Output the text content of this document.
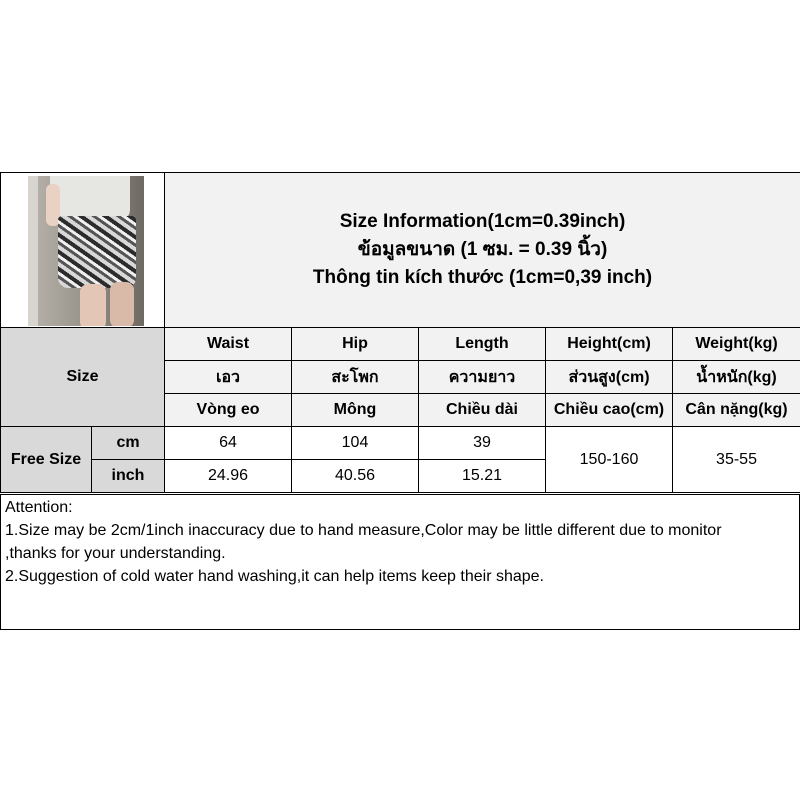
		Size Information(1cm=0.39inch)
ข้อมูลขนาด (1 ซม. = 0.39 นิ้ว)
Thông tin kích thước (1cm=0,39 inch)				

Size		Waist	Hip	Length	Height(cm)	Weight(kg)
		เอว	สะโพก	ความยาว	ส่วนสูง(cm)	น้ำหนัก(kg)
		Vòng eo	Mông	Chiều dài	Chiều cao(cm)	Cân nặng(kg)
Free Size	cm	64	104	39	150-160	35-55
	inch	24.96	40.56	15.21		

Attention:

1.Size may be 2cm/1inch inaccuracy due to hand measure,Color may be little different due to monitor

,thanks for your understanding.

2.Suggestion of cold water hand washing,it can help items keep their shape.
